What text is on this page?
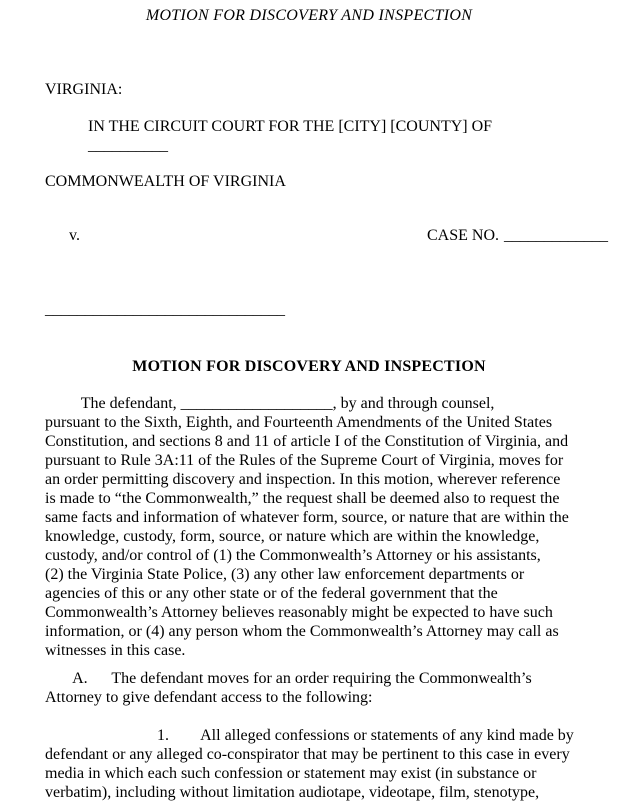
MOTION FOR DISCOVERY AND INSPECTION
VIRGINIA:
IN THE CIRCUIT COURT FOR THE [CITY] [COUNTY] OF
__________
COMMONWEALTH OF VIRGINIA

v.
	CASE NO. _____________

______________________________
MOTION FOR DISCOVERY AND INSPECTION
The defendant, ___________________, by and through counsel,
pursuant to the Sixth, Eighth, and Fourteenth Amendments of the United States
Constitution, and sections 8 and 11 of article I of the Constitution of Virginia, and
pursuant to Rule 3A:11 of the Rules of the Supreme Court of Virginia, moves for
an order permitting discovery and inspection. In this motion, wherever reference
is made to “the Commonwealth,” the request shall be deemed also to request the
same facts and information of whatever form, source, or nature that are within the
knowledge, custody, form, source, or nature which are within the knowledge,
custody, and/or control of (1) the Commonwealth’s Attorney or his assistants,
(2) the Virginia State Police, (3) any other law enforcement departments or
agencies of this or any other state or of the federal government that the
Commonwealth’s Attorney believes reasonably might be expected to have such
information, or (4) any person whom the Commonwealth’s Attorney may call as
witnesses in this case.
A.      The defendant moves for an order requiring the Commonwealth’s
Attorney to give defendant access to the following:
1.        All alleged confessions or statements of any kind made by
defendant or any alleged co-conspirator that may be pertinent to this case in every
media in which each such confession or statement may exist (in substance or
verbatim), including without limitation audiotape, videotape, film, stenotype,
